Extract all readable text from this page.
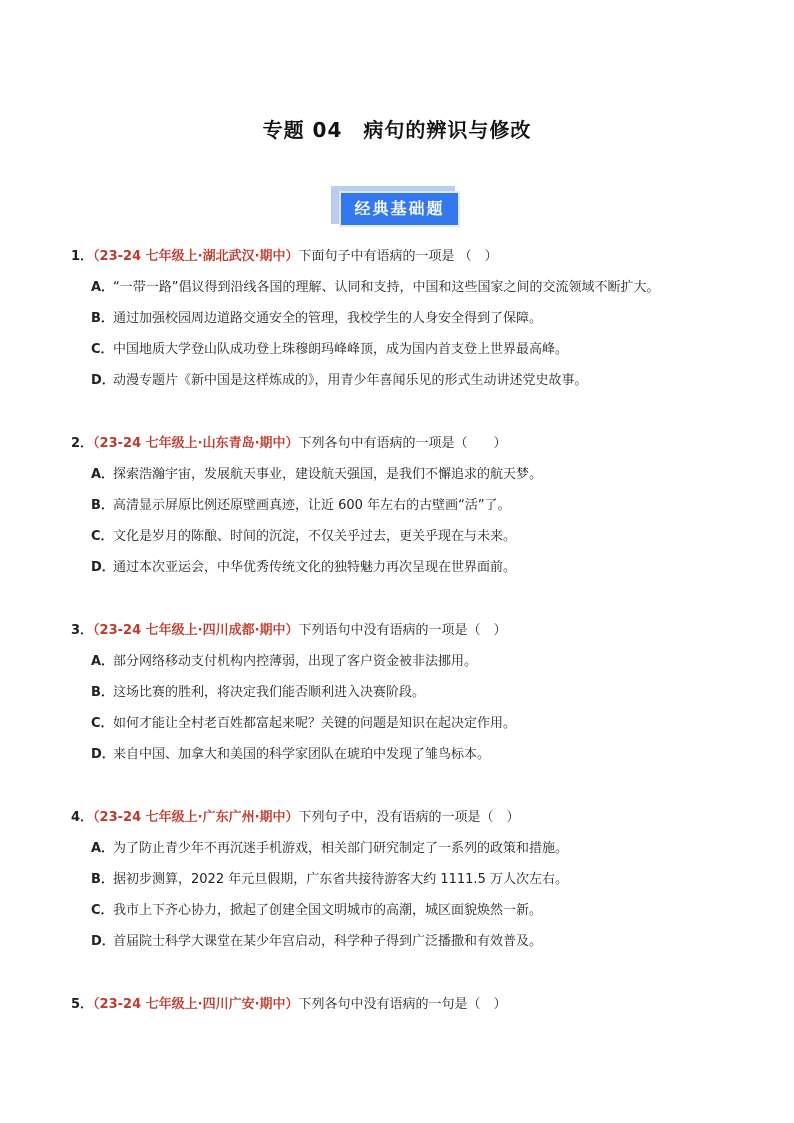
专题 04　病句的辨识与修改
经典基础题
1．（23-24 七年级上·湖北武汉·期中）下面句子中有语病的一项是 （　）
A．“一带一路”倡议得到沿线各国的理解、认同和支持，中国和这些国家之间的交流领域不断扩大。
B．通过加强校园周边道路交通安全的管理，我校学生的人身安全得到了保障。
C．中国地质大学登山队成功登上珠穆朗玛峰峰顶，成为国内首支登上世界最高峰。
D．动漫专题片《新中国是这样炼成的》，用青少年喜闻乐见的形式生动讲述党史故事。
2．（23-24 七年级上·山东青岛·期中）下列各句中有语病的一项是（　　）
A．探索浩瀚宇宙，发展航天事业，建设航天强国，是我们不懈追求的航天梦。
B．高清显示屏原比例还原壁画真迹，让近 600 年左右的古壁画“活”了。
C．文化是岁月的陈酿、时间的沉淀，不仅关乎过去，更关乎现在与未来。
D．通过本次亚运会，中华优秀传统文化的独特魅力再次呈现在世界面前。
3．（23-24 七年级上·四川成都·期中）下列语句中没有语病的一项是（　）
A．部分网络移动支付机构内控薄弱，出现了客户资金被非法挪用。
B．这场比赛的胜利，将决定我们能否顺利进入决赛阶段。
C．如何才能让全村老百姓都富起来呢？关键的问题是知识在起决定作用。
D．来自中国、加拿大和美国的科学家团队在琥珀中发现了雏鸟标本。
4．（23-24 七年级上·广东广州·期中）下列句子中，没有语病的一项是（　）
A．为了防止青少年不再沉迷手机游戏，相关部门研究制定了一系列的政策和措施。
B．据初步测算，2022 年元旦假期，广东省共接待游客大约 1111.5 万人次左右。
C．我市上下齐心协力，掀起了创建全国文明城市的高潮，城区面貌焕然一新。
D．首届院士科学大课堂在某少年宫启动，科学种子得到广泛播撒和有效普及。
5．（23-24 七年级上·四川广安·期中）下列各句中没有语病的一句是（　）
